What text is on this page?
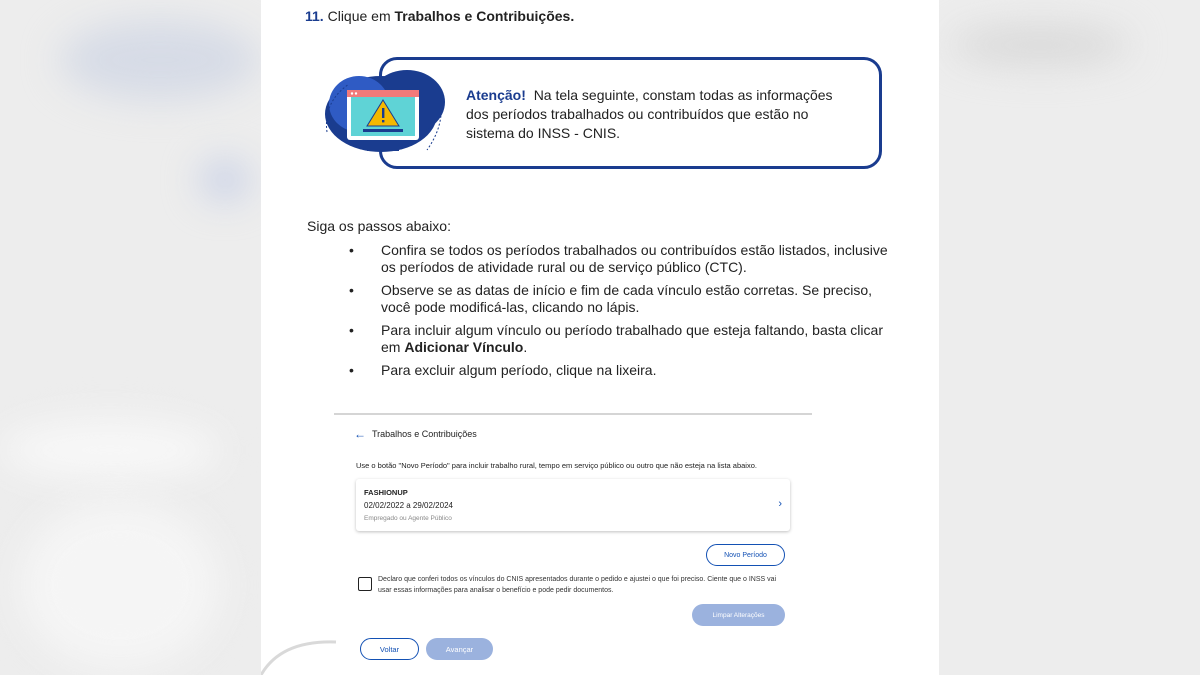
11. Clique em Trabalhos e Contribuições.
Atenção! Na tela seguinte, constam todas as informações dos períodos trabalhados ou contribuídos que estão no sistema do INSS - CNIS.
Siga os passos abaixo:
• Confira se todos os períodos trabalhados ou contribuídos estão listados, inclusive os períodos de atividade rural ou de serviço público (CTC).
• Observe se as datas de início e fim de cada vínculo estão corretas. Se preciso, você pode modificá-las, clicando no lápis.
• Para incluir algum vínculo ou período trabalhado que esteja faltando, basta clicar em Adicionar Vínculo.
• Para excluir algum período, clique na lixeira.
← Trabalhos e Contribuições
Use o botão "Novo Período" para incluir trabalho rural, tempo em serviço público ou outro que não esteja na lista abaixo.
FASHIONUP
02/02/2022 a 29/02/2024
Empregado ou Agente Público
›
Novo Período
Declaro que conferi todos os vínculos do CNIS apresentados durante o pedido e ajustei o que foi preciso. Ciente que o INSS vai usar essas informações para analisar o benefício e pode pedir documentos.
Limpar Alterações
Voltar	Avançar
